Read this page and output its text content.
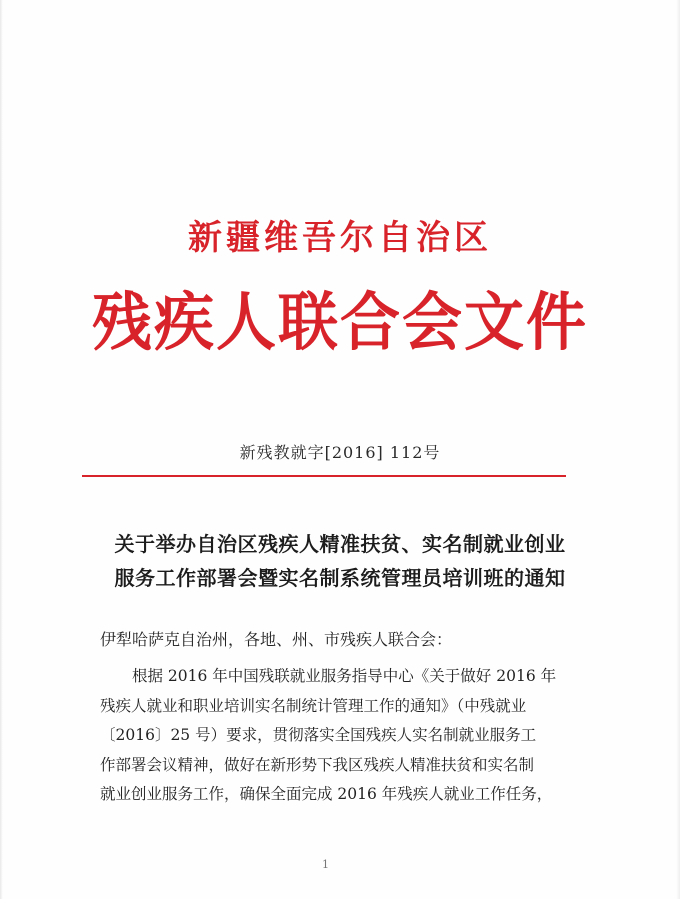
新疆维吾尔自治区
残疾人联合会文件
新残教就字[2016] 112号
关于举办自治区残疾人精准扶贫、实名制就业创业
服务工作部署会暨实名制系统管理员培训班的通知
伊犁哈萨克自治州，各地、州、市残疾人联合会：
根据 2016 年中国残联就业服务指导中心《关于做好 2016 年
残疾人就业和职业培训实名制统计管理工作的通知》（中残就业
〔2016〕25 号）要求，贯彻落实全国残疾人实名制就业服务工
作部署会议精神，做好在新形势下我区残疾人精准扶贫和实名制
就业创业服务工作，确保全面完成 2016 年残疾人就业工作任务，
1
